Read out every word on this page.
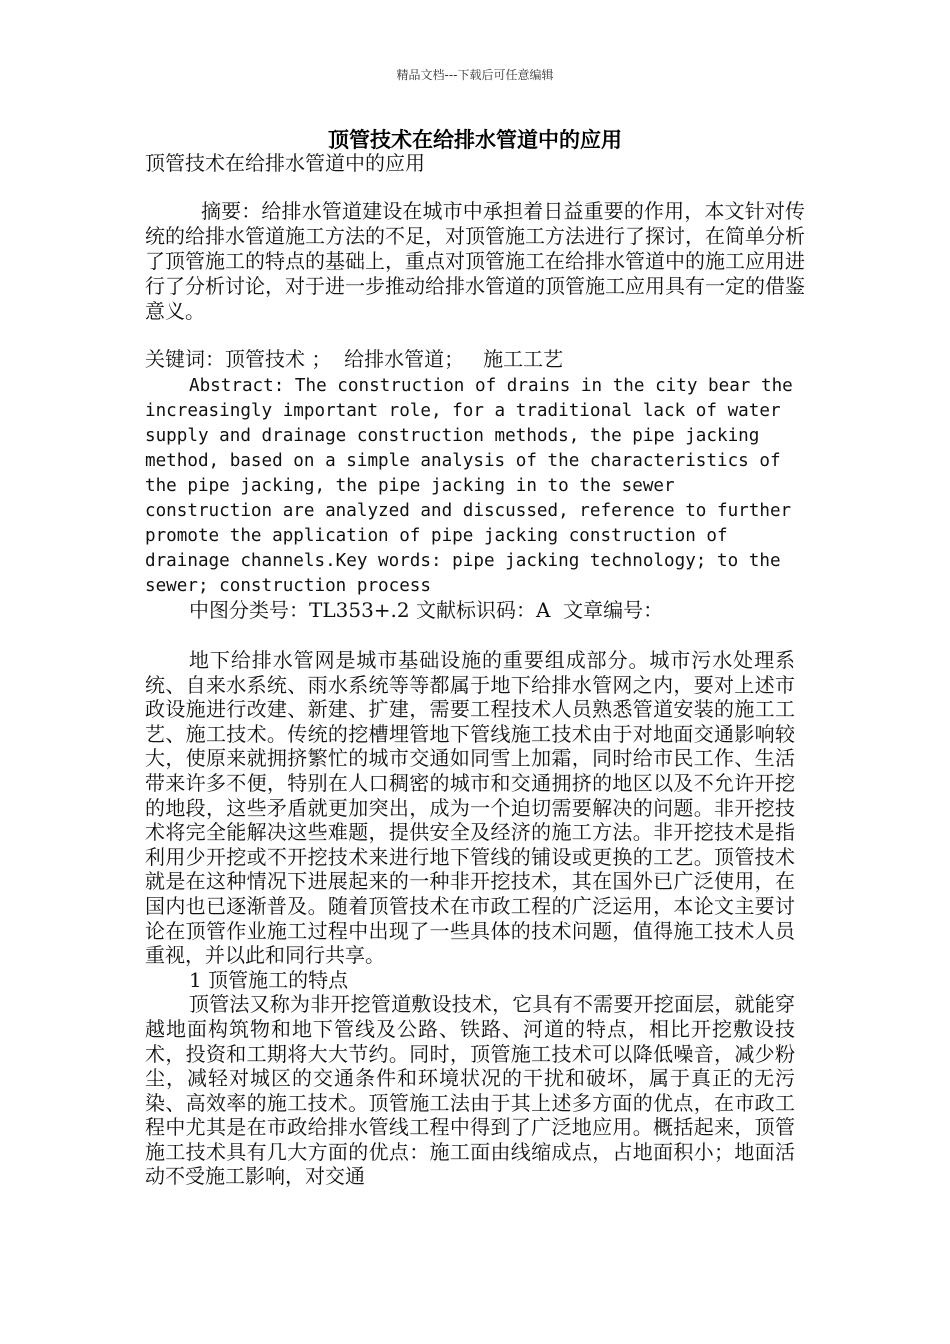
精品文档---下载后可任意编辑
顶管技术在给排水管道中的应用
顶管技术在给排水管道中的应用

摘要：给排水管道建设在城市中承担着日益重要的作用，本文针对传统的给排水管道施工方法的不足，对顶管施工方法进行了探讨，在简单分析了顶管施工的特点的基础上，重点对顶管施工在给排水管道中的施工应用进行了分析讨论，对于进一步推动给排水管道的顶管施工应用具有一定的借鉴意义。

关键词：顶管技术 ；  给排水管道；   施工工艺

Abstract: The construction of drains in the city bear the increasingly important role, for a traditional lack of water supply and drainage construction methods, the pipe jacking method, based on a simple analysis of the characteristics of the pipe jacking, the pipe jacking in to the sewer construction are analyzed and discussed, reference to further promote the application of pipe jacking construction of drainage channels.Key words: pipe jacking technology; to the sewer; construction process

中图分类号：TL353+.2 文献标识码：A  文章编号：

地下给排水管网是城市基础设施的重要组成部分。城市污水处理系统、自来水系统、雨水系统等等都属于地下给排水管网之内，要对上述市政设施进行改建、新建、扩建，需要工程技术人员熟悉管道安装的施工工艺、施工技术。传统的挖槽埋管地下管线施工技术由于对地面交通影响较大，使原来就拥挤繁忙的城市交通如同雪上加霜，同时给市民工作、生活带来许多不便，特别在人口稠密的城市和交通拥挤的地区以及不允许开挖的地段，这些矛盾就更加突出，成为一个迫切需要解决的问题。非开挖技术将完全能解决这些难题，提供安全及经济的施工方法。非开挖技术是指利用少开挖或不开挖技术来进行地下管线的铺设或更换的工艺。顶管技术就是在这种情况下进展起来的一种非开挖技术，其在国外已广泛使用，在国内也已逐渐普及。随着顶管技术在市政工程的广泛运用，本论文主要讨论在顶管作业施工过程中出现了一些具体的技术问题，值得施工技术人员重视，并以此和同行共享。

1 顶管施工的特点

顶管法又称为非开挖管道敷设技术，它具有不需要开挖面层，就能穿越地面构筑物和地下管线及公路、铁路、河道的特点，相比开挖敷设技术，投资和工期将大大节约。同时，顶管施工技术可以降低噪音，减少粉尘，减轻对城区的交通条件和环境状况的干扰和破坏，属于真正的无污染、高效率的施工技术。顶管施工法由于其上述多方面的优点，在市政工程中尤其是在市政给排水管线工程中得到了广泛地应用。概括起来，顶管施工技术具有几大方面的优点：施工面由线缩成点，占地面积小；地面活动不受施工影响，对交通
